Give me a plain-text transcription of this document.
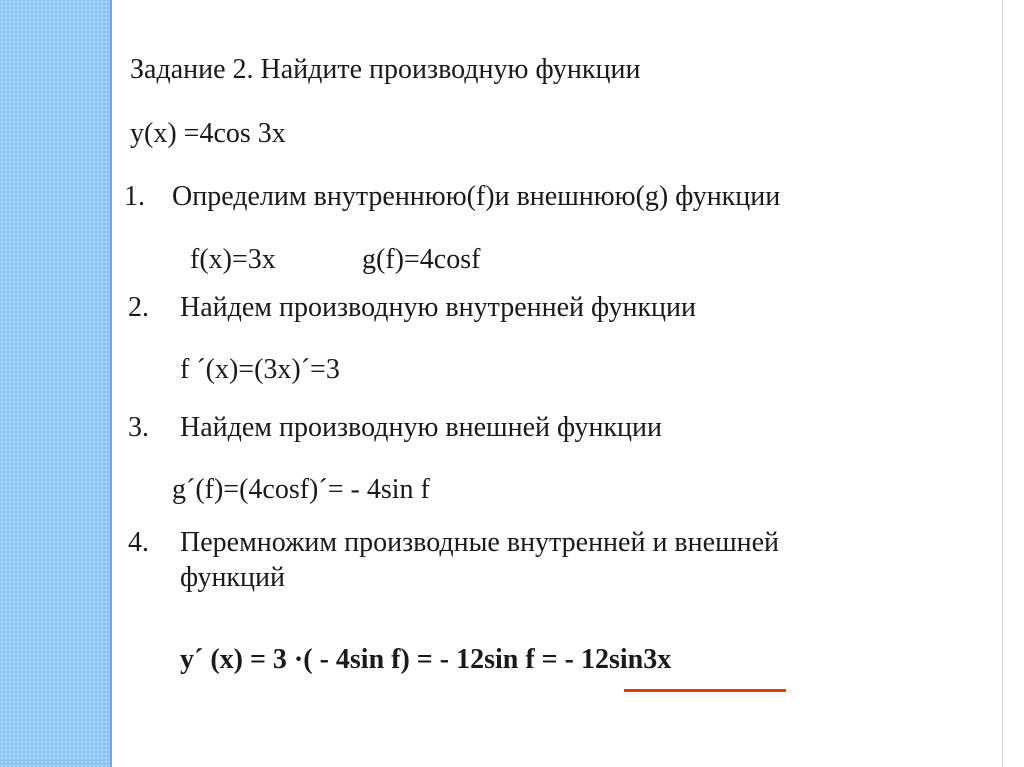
Задание 2. Найдите производную функции
y(x) =4cos 3x
1. Определим внутреннюю(f)и внешнюю(g) функции
f(x)=3x	g(f)=4cosf
2. Найдем производную внутренней функции
f ´(x)=(3x)´=3
3. Найдем производную внешней функции
g´(f)=(4cosf)´= - 4sin f
4. Перемножим производные внутренней и внешней
функций
y´ (x) = 3 ·( - 4sin f) = - 12sin f = - 12sin3x
